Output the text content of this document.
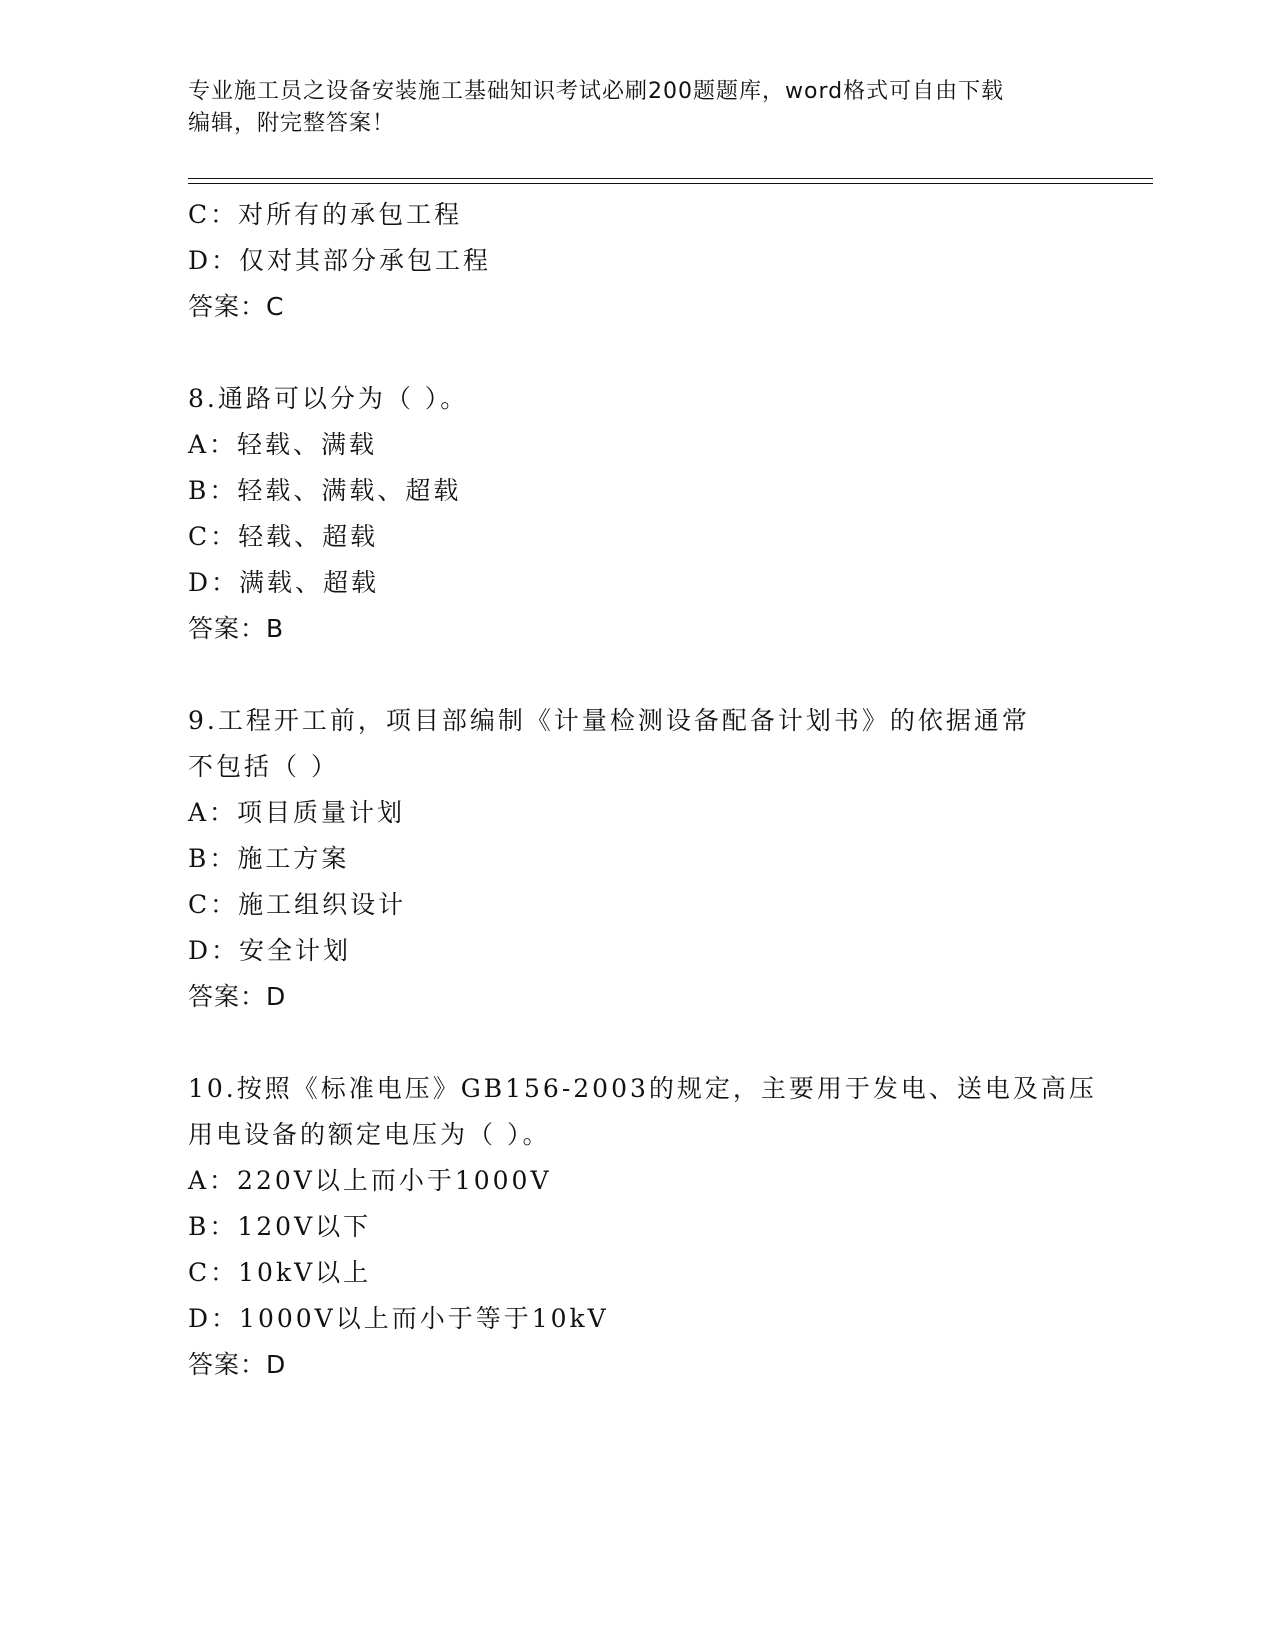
专业施工员之设备安装施工基础知识考试必刷200题题库，word格式可自由下载
编辑，附完整答案！
C：对所有的承包工程
D：仅对其部分承包工程
答案：C
8.通路可以分为（ ）。
A：轻载、满载
B：轻载、满载、超载
C：轻载、超载
D：满载、超载
答案：B
9.工程开工前，项目部编制《计量检测设备配备计划书》的依据通常
不包括（ ）
A：项目质量计划
B：施工方案
C：施工组织设计
D：安全计划
答案：D
10.按照《标准电压》GB156-2003的规定，主要用于发电、送电及高压
用电设备的额定电压为（ ）。
A：220V以上而小于1000V
B：120V以下
C：10kV以上
D：1000V以上而小于等于10kV
答案：D
